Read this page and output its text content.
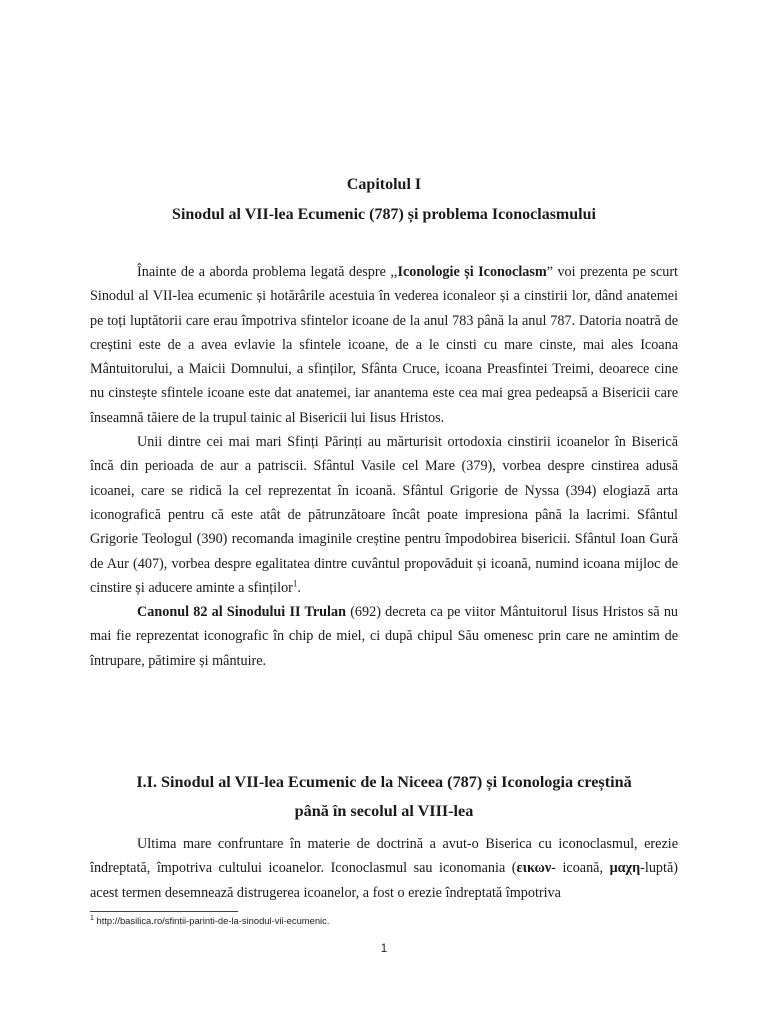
Capitolul I
Sinodul al VII-lea Ecumenic (787) și problema Iconoclasmului

Înainte de a aborda problema legată despre ,,Iconologie și Iconoclasm” voi prezenta pe scurt Sinodul al VII-lea ecumenic și hotărârile acestuia în vederea iconaleor și a cinstirii lor, dând anatemei pe toți luptătorii care erau împotriva sfintelor icoane de la anul 783 până la anul 787. Datoria noatră de creștini este de a avea evlavie la sfintele icoane, de a le cinsti cu mare cinste, mai ales Icoana Mântuitorului, a Maicii Domnului, a sfinților, Sfânta Cruce, icoana Preasfintei Treimi, deoarece cine nu cinstește sfintele icoane este dat anatemei, iar anantema este cea mai grea pedeapsă a Bisericii care înseamnă tăiere de la trupul tainic al Bisericii lui Iisus Hristos.

Unii dintre cei mai mari Sfinți Părinți au mărturisit ortodoxia cinstirii icoanelor în Biserică încă din perioada de aur a patriscii. Sfântul Vasile cel Mare (379), vorbea despre cinstirea adusă icoanei, care se ridică la cel reprezentat în icoană. Sfântul Grigorie de Nyssa (394) elogiază arta iconografică pentru că este atât de pătrunzătoare încât poate impresiona până la lacrimi. Sfântul Grigorie Teologul (390) recomanda imaginile creștine pentru împodobirea bisericii. Sfântul Ioan Gură de Aur (407), vorbea despre egalitatea dintre cuvântul propovăduit și icoană, numind icoana mijloc de cinstire și aducere aminte a sfinților$^1$.

Canonul 82 al Sinodului II Trulan (692) decreta ca pe viitor Mântuitorul Iisus Hristos să nu mai fie reprezentat iconografic în chip de miel, ci după chipul Său omenesc prin care ne amintim de întrupare, pătimire și mântuire.

I.I. Sinodul al VII-lea Ecumenic de la Niceea (787) și Iconologia creștină
până în secolul al VIII-lea

Ultima mare confruntare în materie de doctrină a avut-o Biserica cu iconoclasmul, erezie îndreptată, împotriva cultului icoanelor. Iconoclasmul sau iconomania (εικων- icoană, μαχη-luptă) acest termen desemnează distrugerea icoanelor, a fost o erezie îndreptată împotriva

$^1$ http://basilica.ro/sfintii-parinti-de-la-sinodul-vii-ecumenic.
1
